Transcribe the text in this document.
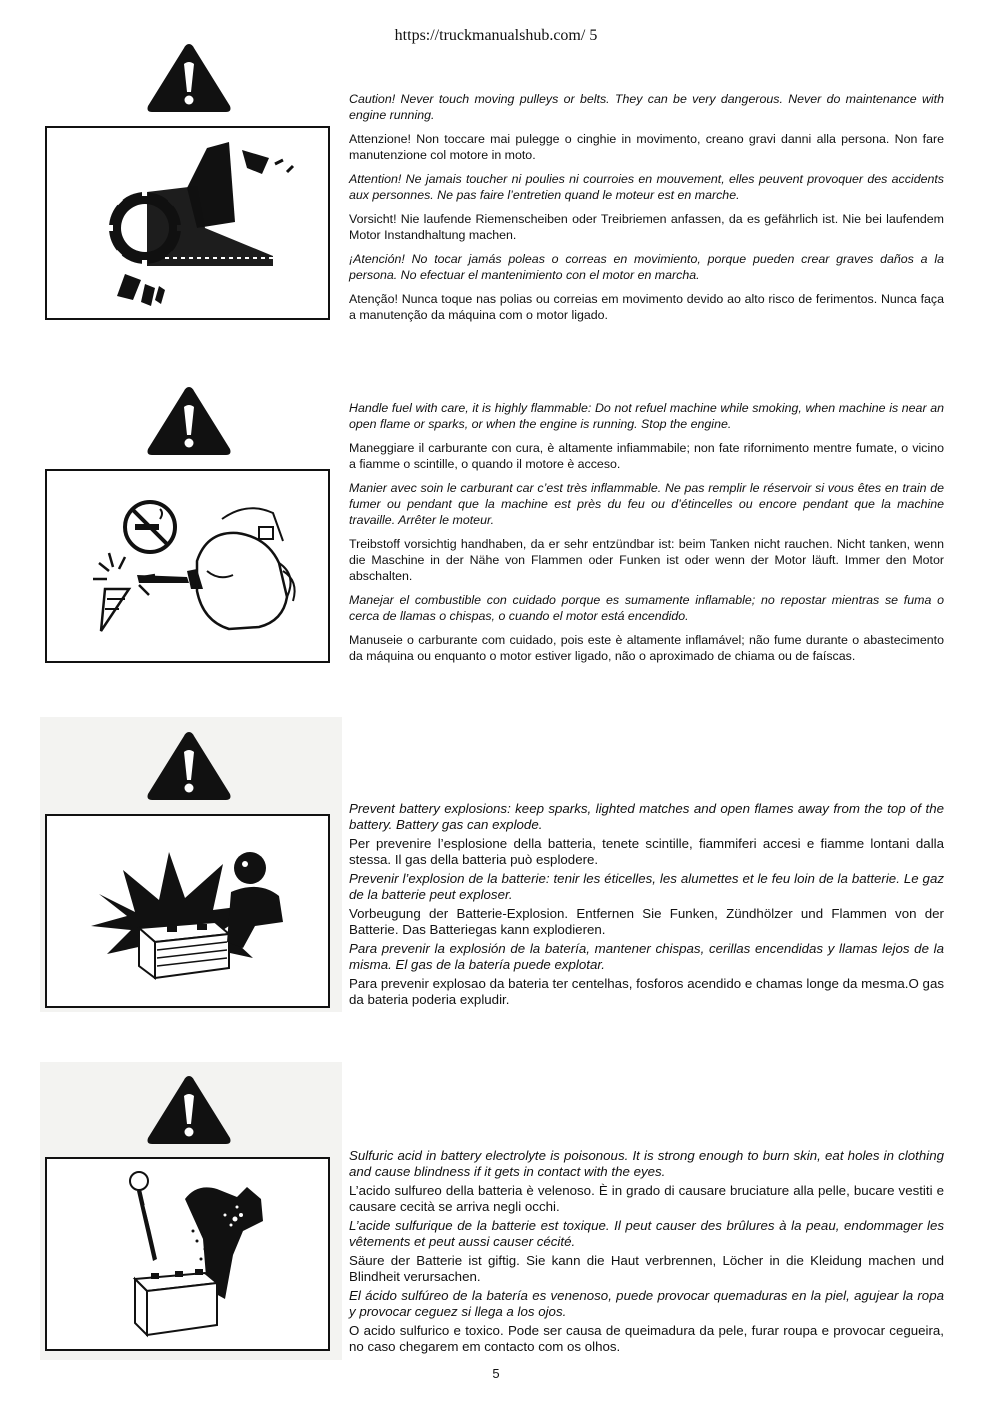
https://truckmanualshub.com/ 5

Caution! Never touch moving pulleys or belts. They can be very dangerous. Never do maintenance with engine running.

Attenzione! Non toccare mai pulegge o cinghie in movimento, creano gravi danni alla persona. Non fare manutenzione col motore in moto.

Attention! Ne jamais toucher ni poulies ni courroies en mouvement, elles peuvent provoquer des accidents aux personnes. Ne pas faire l’entretien quand le moteur est en marche.

Vorsicht! Nie laufende Riemenscheiben oder Treibriemen anfassen, da es gefährlich ist. Nie bei laufendem Motor Instandhaltung machen.

¡Atención! No tocar jamás poleas o correas en movimiento, porque pueden crear graves daños a la persona. No efectuar el mantenimiento con el motor en marcha.

Atenção! Nunca toque nas polias ou correias em movimento devido ao alto risco de ferimentos. Nunca faça a manutenção da máquina com o motor ligado.

Handle fuel with care, it is highly flammable: Do not refuel machine while smoking, when machine is near an open flame or sparks, or when the engine is running. Stop the engine.

Maneggiare il carburante con cura, è altamente infiammabile; non fate rifornimento mentre fumate, o vicino a fiamme o scintille, o quando il motore è acceso.

Manier avec soin le carburant car c’est très inflammable. Ne pas remplir le réservoir si vous êtes en train de fumer ou pendant que la machine est près du feu ou d’étincelles ou encore pendant que la machine travaille. Arrêter le moteur.

Treibstoff vorsichtig handhaben, da er sehr entzündbar ist: beim Tanken nicht rauchen. Nicht tanken, wenn die Maschine in der Nähe von Flammen oder Funken ist oder wenn der Motor läuft. Immer den Motor abschalten.

Manejar el combustible con cuidado porque es sumamente inflamable; no repostar mientras se fuma o cerca de llamas o chispas, o cuando el motor está encendido.

Manuseie o carburante com cuidado, pois este è altamente inflamável; não fume durante o abastecimento da máquina ou enquanto o motor estiver ligado, não o aproximado de chiama ou de faíscas.

Prevent battery explosions: keep sparks, lighted matches and open flames away from the top of the battery. Battery gas can explode.

Per prevenire l’esplosione della batteria, tenete scintille, fiammiferi accesi e fiamme lontani dalla stessa. Il gas della batteria può esplodere.

Prevenir l’explosion de la batterie: tenir les éticelles, les alumettes et le feu loin de la batterie. Le gaz de la batterie peut exploser.

Vorbeugung der Batterie-Explosion. Entfernen Sie Funken, Zündhölzer und Flammen von der Batterie. Das Batteriegas kann explodieren.

Para prevenir la explosión de la batería, mantener chispas, cerillas encendidas y llamas lejos de la misma. El gas de la batería puede explotar.

Para prevenir explosao da bateria ter centelhas, fosforos acendido e chamas longe da mesma.O gas da bateria poderia expludir.

Sulfuric acid in battery electrolyte is poisonous. It is strong enough to burn skin, eat holes in clothing and cause blindness if it gets in contact with the eyes.

L’acido sulfureo della batteria è velenoso. È in grado di causare bruciature alla pelle, bucare vestiti e causare cecità se arriva negli occhi.

L’acide sulfurique de la batterie est toxique. Il peut causer des brûlures à la peau, endommager les vêtements et peut aussi causer cécité.

Säure der Batterie ist giftig. Sie kann die Haut verbrennen, Löcher in die Kleidung machen und Blindheit verursachen.

El ácido sulfúreo de la batería es venenoso, puede provocar quemaduras en la piel, agujear la ropa y provocar ceguez si llega a los ojos.

O acido sulfurico e toxico. Pode ser causa de queimadura da pele, furar roupa e provocar cegueira, no caso chegarem em contacto com os olhos.

5
